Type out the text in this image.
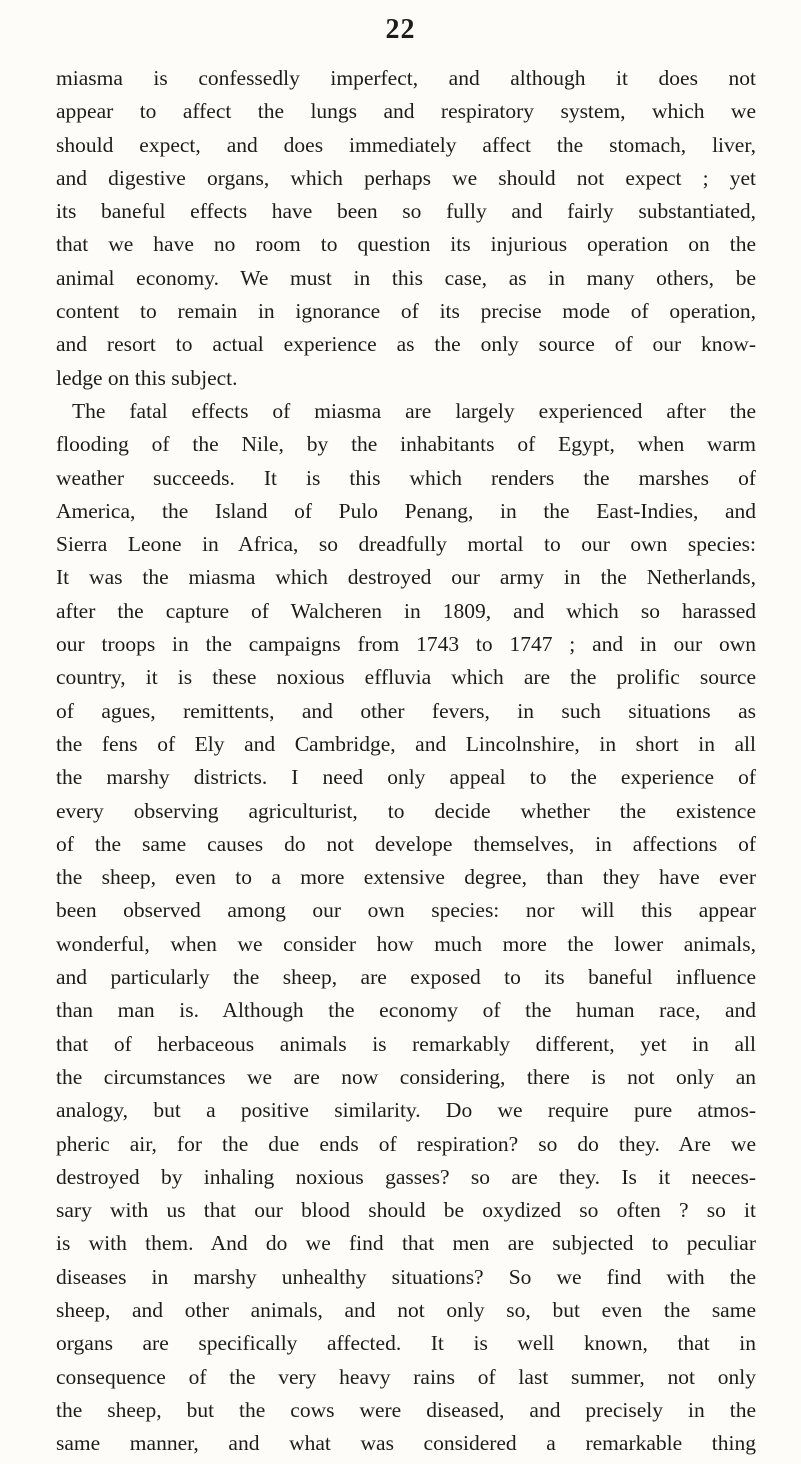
22
miasma is confessedly imperfect, and although it does not
appear to affect the lungs and respiratory system, which we
should expect, and does immediately affect the stomach, liver,
and digestive organs, which perhaps we should not expect ; yet
its baneful effects have been so fully and fairly substantiated,
that we have no room to question its injurious operation on the
animal economy. We must in this case, as in many others, be
content to remain in ignorance of its precise mode of operation,
and resort to actual experience as the only source of our know-
ledge on this subject.
The fatal effects of miasma are largely experienced after the
flooding of the Nile, by the inhabitants of Egypt, when warm
weather succeeds. It is this which renders the marshes of
America, the Island of Pulo Penang, in the East-Indies, and
Sierra Leone in Africa, so dreadfully mortal to our own species:
It was the miasma which destroyed our army in the Netherlands,
after the capture of Walcheren in 1809, and which so harassed
our troops in the campaigns from 1743 to 1747 ; and in our own
country, it is these noxious effluvia which are the prolific source
of agues, remittents, and other fevers, in such situations as
the fens of Ely and Cambridge, and Lincolnshire, in short in all
the marshy districts. I need only appeal to the experience of
every observing agriculturist, to decide whether the existence
of the same causes do not develope themselves, in affections of
the sheep, even to a more extensive degree, than they have ever
been observed among our own species: nor will this appear
wonderful, when we consider how much more the lower animals,
and particularly the sheep, are exposed to its baneful influence
than man is. Although the economy of the human race, and
that of herbaceous animals is remarkably different, yet in all
the circumstances we are now considering, there is not only an
analogy, but a positive similarity. Do we require pure atmos-
pheric air, for the due ends of respiration? so do they. Are we
destroyed by inhaling noxious gasses? so are they. Is it neeces-
sary with us that our blood should be oxydized so often ? so it
is with them. And do we find that men are subjected to peculiar
diseases in marshy unhealthy situations? So we find with the
sheep, and other animals, and not only so, but even the same
organs are specifically affected. It is well known, that in
consequence of the very heavy rains of last summer, not only
the sheep, but the cows were diseased, and precisely in the
same manner, and what was considered a remarkable thing
